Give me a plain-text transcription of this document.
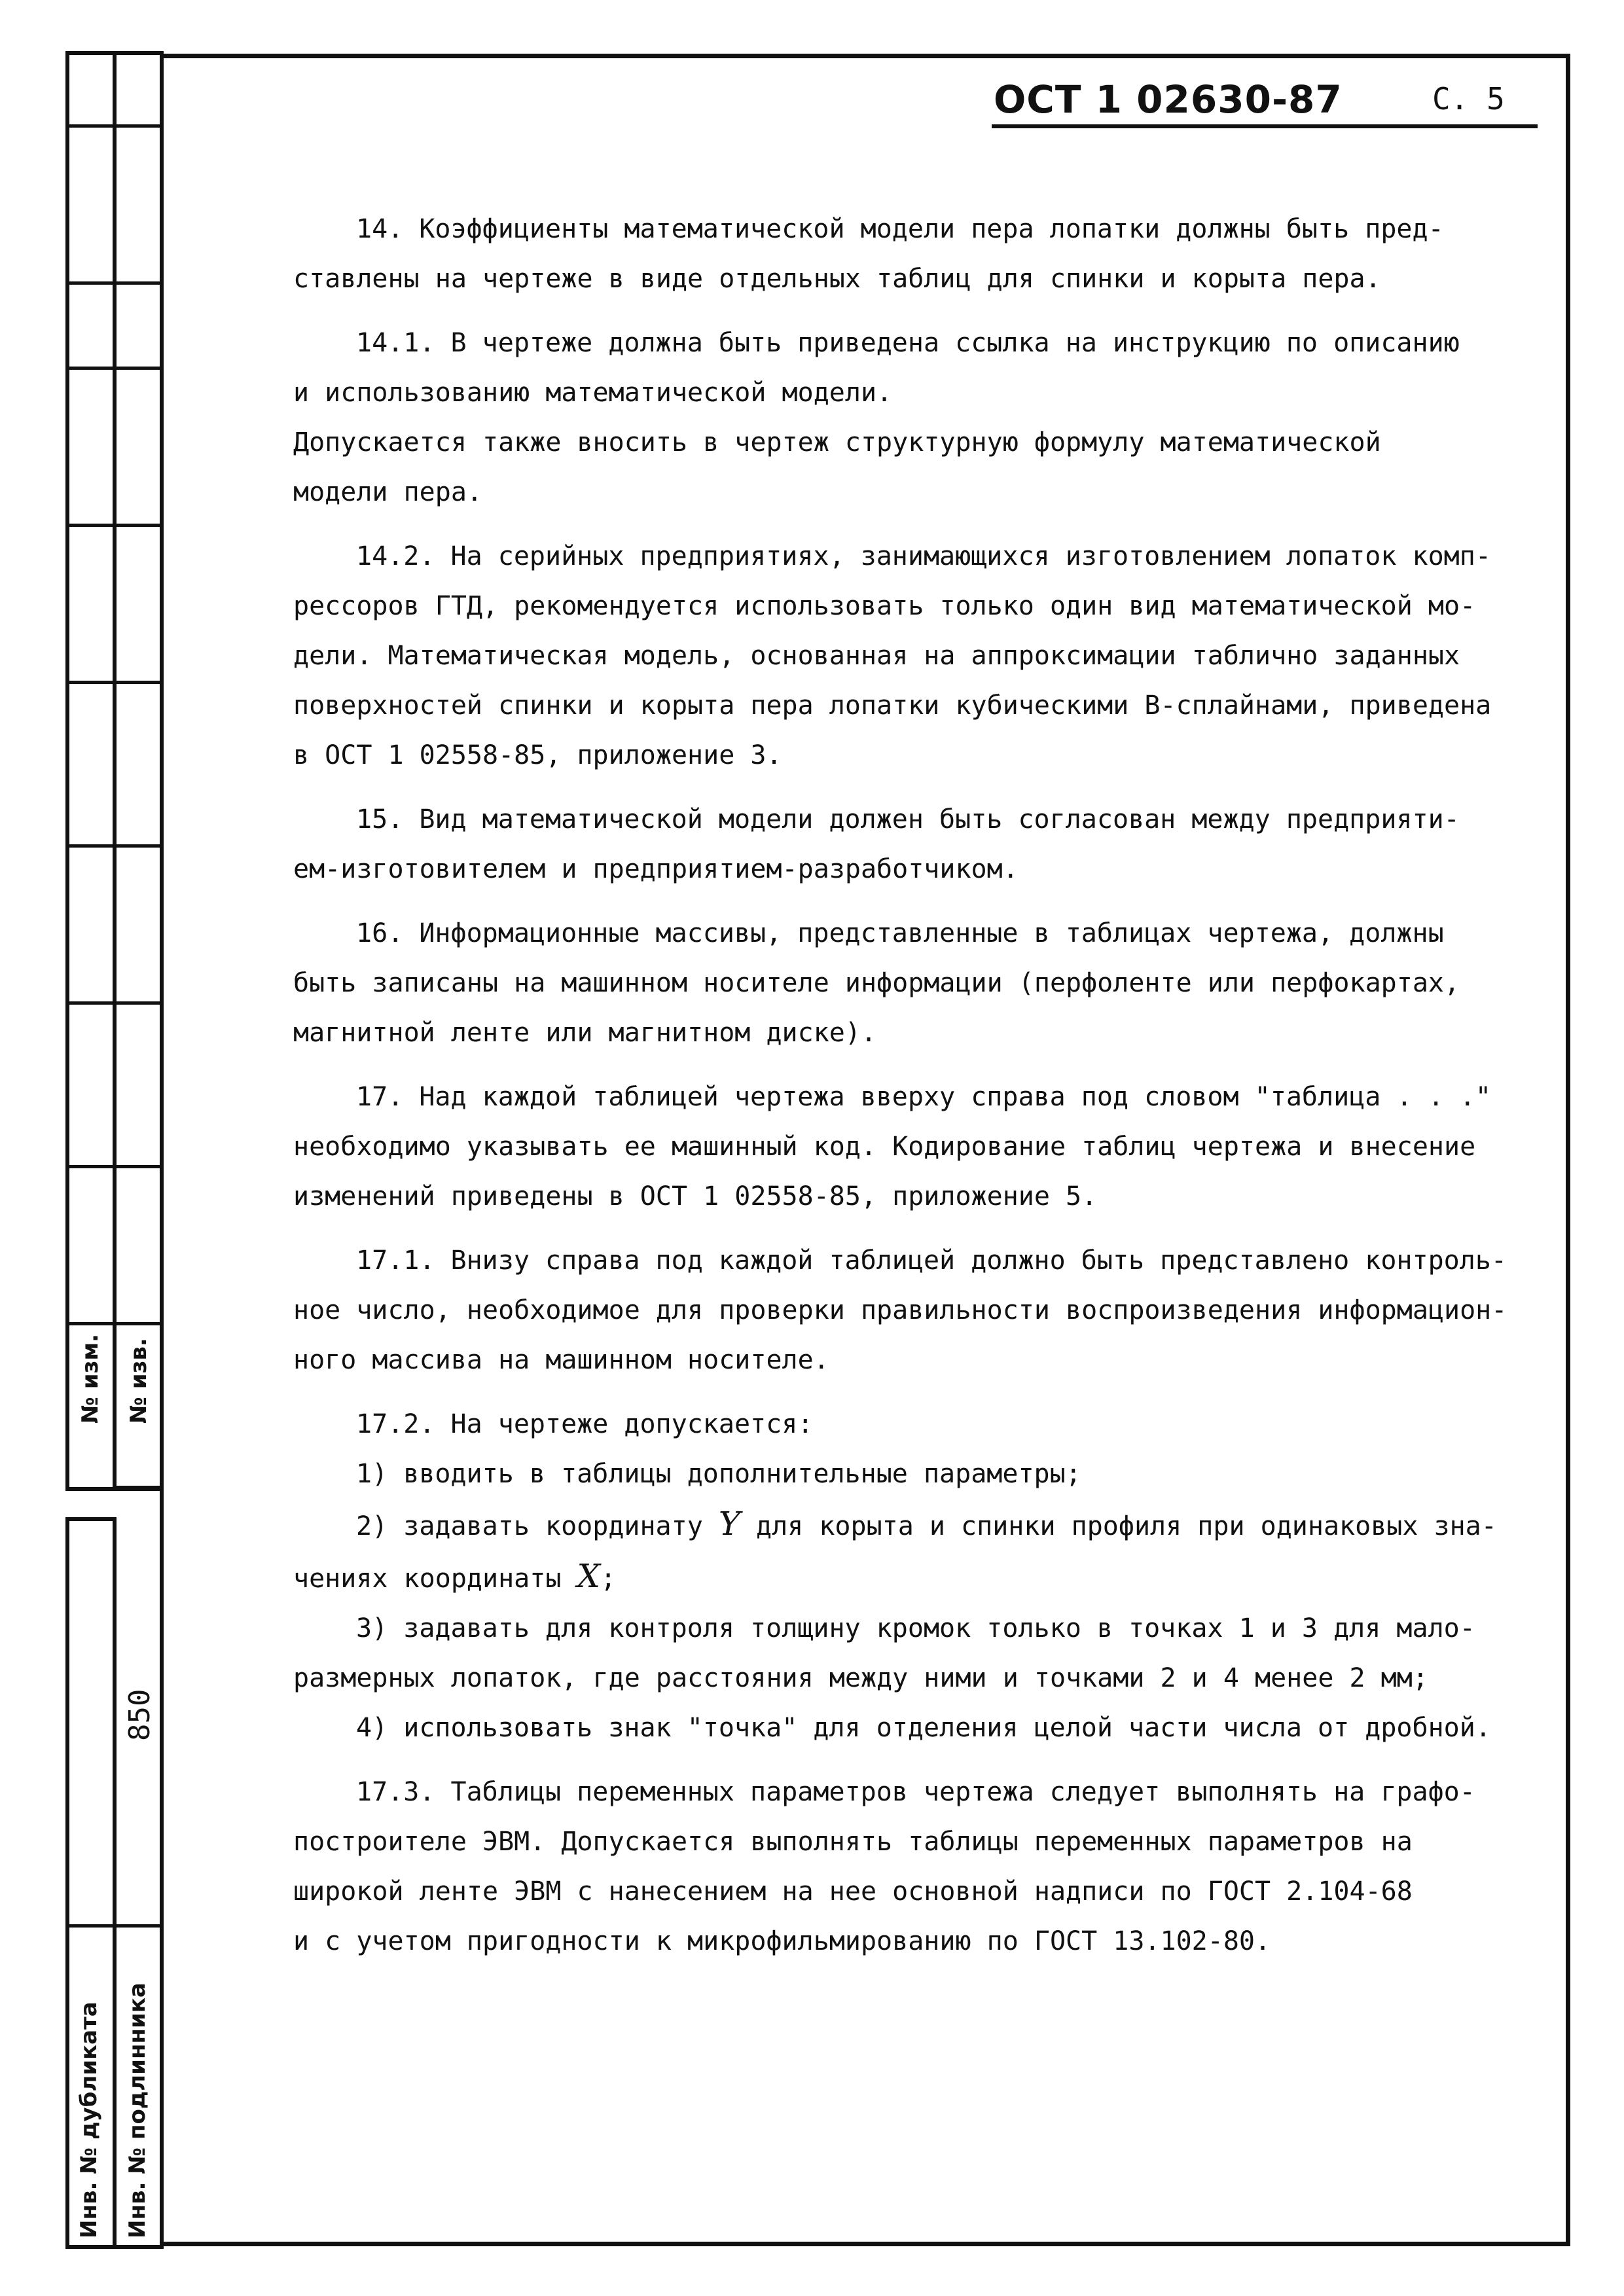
№ изм. № изв.
850
Инв. № дубликата Инв. № подлинника
ОСТ 1 02630-87	С. 5

14. Коэффициенты математической модели пера лопатки должны быть пред-

ставлены на чертеже в виде отдельных таблиц для спинки и корыта пера.

14.1. В чертеже должна быть приведена ссылка на инструкцию по описанию

и использованию математической модели.

Допускается также вносить в чертеж структурную формулу математической

модели пера.

14.2. На серийных предприятиях, занимающихся изготовлением лопаток комп-

рессоров ГТД, рекомендуется использовать только один вид математической мо-

дели. Математическая модель, основанная на аппроксимации таблично заданных

поверхностей спинки и корыта пера лопатки кубическими В-сплайнами, приведена

в ОСТ 1 02558-85, приложение 3.

15. Вид математической модели должен быть согласован между предприяти-

ем-изготовителем и предприятием-разработчиком.

16. Информационные массивы, представленные в таблицах чертежа, должны

быть записаны на машинном носителе информации (перфоленте или перфокартах,

магнитной ленте или магнитном диске).

17. Над каждой таблицей чертежа вверху справа под словом "таблица . . ."

необходимо указывать ее машинный код. Кодирование таблиц чертежа и внесение

изменений приведены в ОСТ 1 02558-85, приложение 5.

17.1. Внизу справа под каждой таблицей должно быть представлено контроль-

ное число, необходимое для проверки правильности воспроизведения информацион-

ного массива на машинном носителе.

17.2. На чертеже допускается:

1) вводить в таблицы дополнительные параметры;

2) задавать координату Y для корыта и спинки профиля при одинаковых зна-

чениях координаты X;

3) задавать для контроля толщину кромок только в точках 1 и 3 для мало-

размерных лопаток, где расстояния между ними и точками 2 и 4 менее 2 мм;

4) использовать знак "точка" для отделения целой части числа от дробной.

17.3. Таблицы переменных параметров чертежа следует выполнять на графо-

построителе ЭВМ. Допускается выполнять таблицы переменных параметров на

широкой ленте ЭВМ с нанесением на нее основной надписи по ГОСТ 2.104-68

и с учетом пригодности к микрофильмированию по ГОСТ 13.102-80.
